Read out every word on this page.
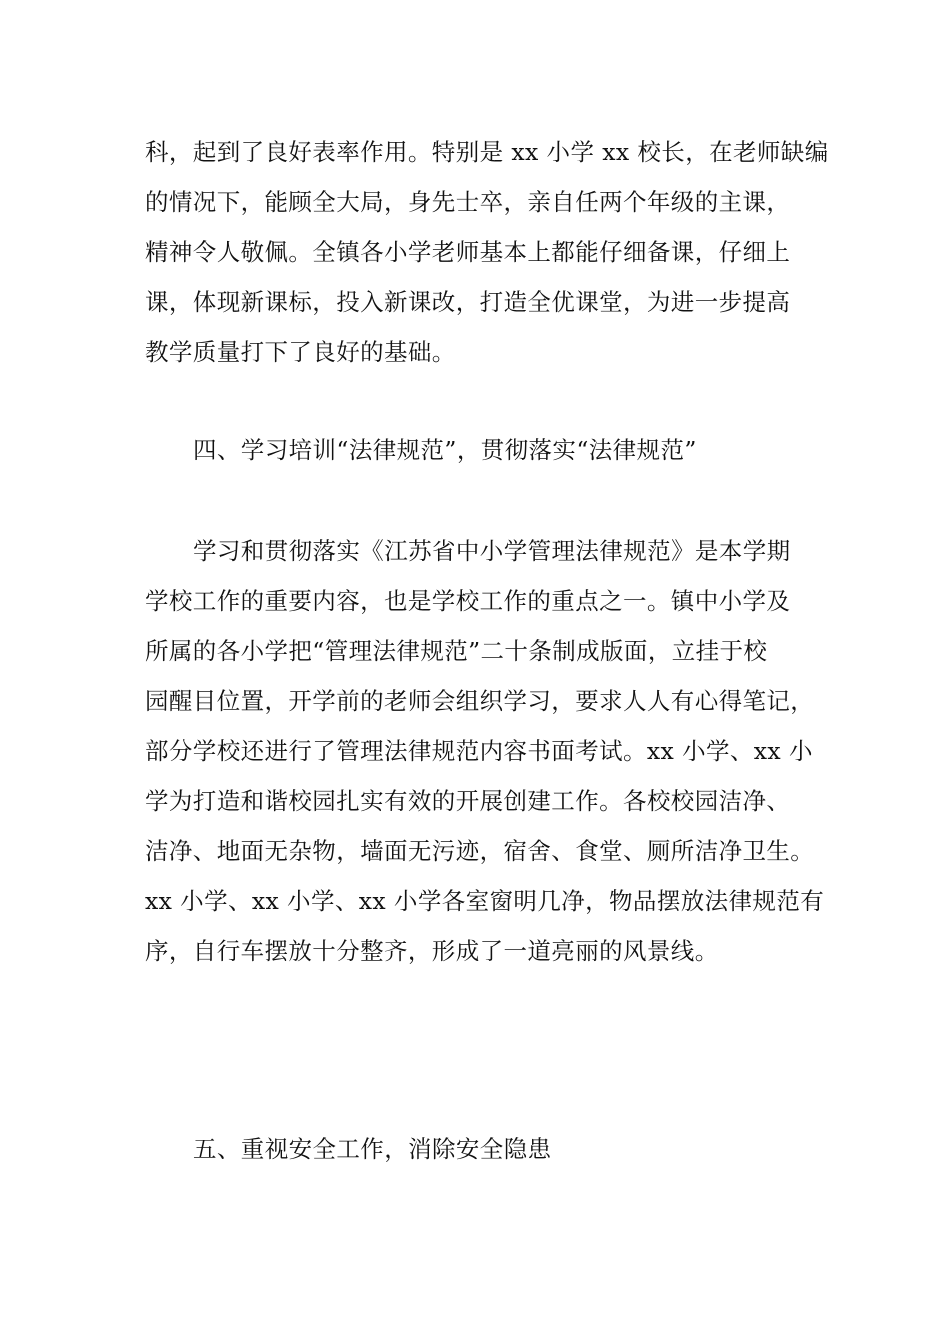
科，起到了良好表率作用。特别是 xx 小学 xx 校长，在老师缺编
的情况下，能顾全大局，身先士卒，亲自任两个年级的主课，
精神令人敬佩。全镇各小学老师基本上都能仔细备课，仔细上
课，体现新课标，投入新课改，打造全优课堂，为进一步提高
教学质量打下了良好的基础。
四、学习培训“法律规范”，贯彻落实“法律规范”
学习和贯彻落实《江苏省中小学管理法律规范》是本学期
学校工作的重要内容，也是学校工作的重点之一。镇中小学及
所属的各小学把“管理法律规范”二十条制成版面，立挂于校
园醒目位置，开学前的老师会组织学习，要求人人有心得笔记，
部分学校还进行了管理法律规范内容书面考试。xx 小学、xx 小
学为打造和谐校园扎实有效的开展创建工作。各校校园洁净、
洁净、地面无杂物，墙面无污迹，宿舍、食堂、厕所洁净卫生。
xx 小学、xx 小学、xx 小学各室窗明几净，物品摆放法律规范有
序，自行车摆放十分整齐，形成了一道亮丽的风景线。
五、重视安全工作，消除安全隐患
